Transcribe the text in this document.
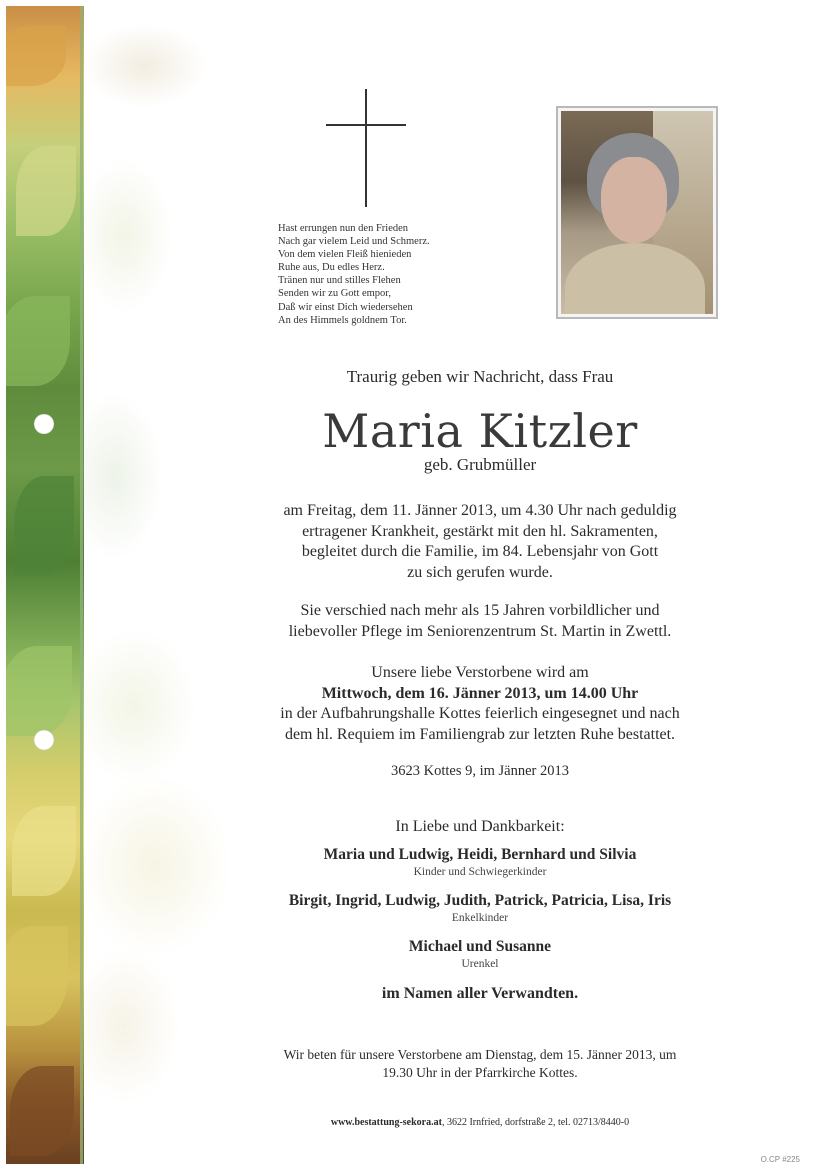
Hast errungen nun den Frieden
Nach gar vielem Leid und Schmerz.
Von dem vielen Fleiß hienieden
Ruhe aus, Du edles Herz.
Tränen nur und stilles Flehen
Senden wir zu Gott empor,
Daß wir einst Dich wiedersehen
An des Himmels goldnem Tor.
Traurig geben wir Nachricht, dass Frau
Maria Kitzler
geb. Grubmüller
am Freitag, dem 11. Jänner 2013, um 4.30 Uhr nach geduldig
ertragener Krankheit, gestärkt mit den hl. Sakramenten,
begleitet durch die Familie, im 84. Lebensjahr von Gott
zu sich gerufen wurde.
Sie verschied nach mehr als 15 Jahren vorbildlicher und
liebevoller Pflege im Seniorenzentrum St. Martin in Zwettl.
Unsere liebe Verstorbene wird am
Mittwoch, dem 16. Jänner 2013, um 14.00 Uhr
in der Aufbahrungshalle Kottes feierlich eingesegnet und nach
dem hl. Requiem im Familiengrab zur letzten Ruhe bestattet.
3623 Kottes 9, im Jänner 2013
In Liebe und Dankbarkeit:
Maria und Ludwig, Heidi, Bernhard und Silvia
Kinder und Schwiegerkinder
Birgit, Ingrid, Ludwig, Judith, Patrick, Patricia, Lisa, Iris
Enkelkinder
Michael und Susanne
Urenkel
im Namen aller Verwandten.
Wir beten für unsere Verstorbene am Dienstag, dem 15. Jänner 2013, um
19.30 Uhr in der Pfarrkirche Kottes.
www.bestattung-sekora.at, 3622 Irnfried, dorfstraße 2, tel. 02713/8440-0
O.CP #225
